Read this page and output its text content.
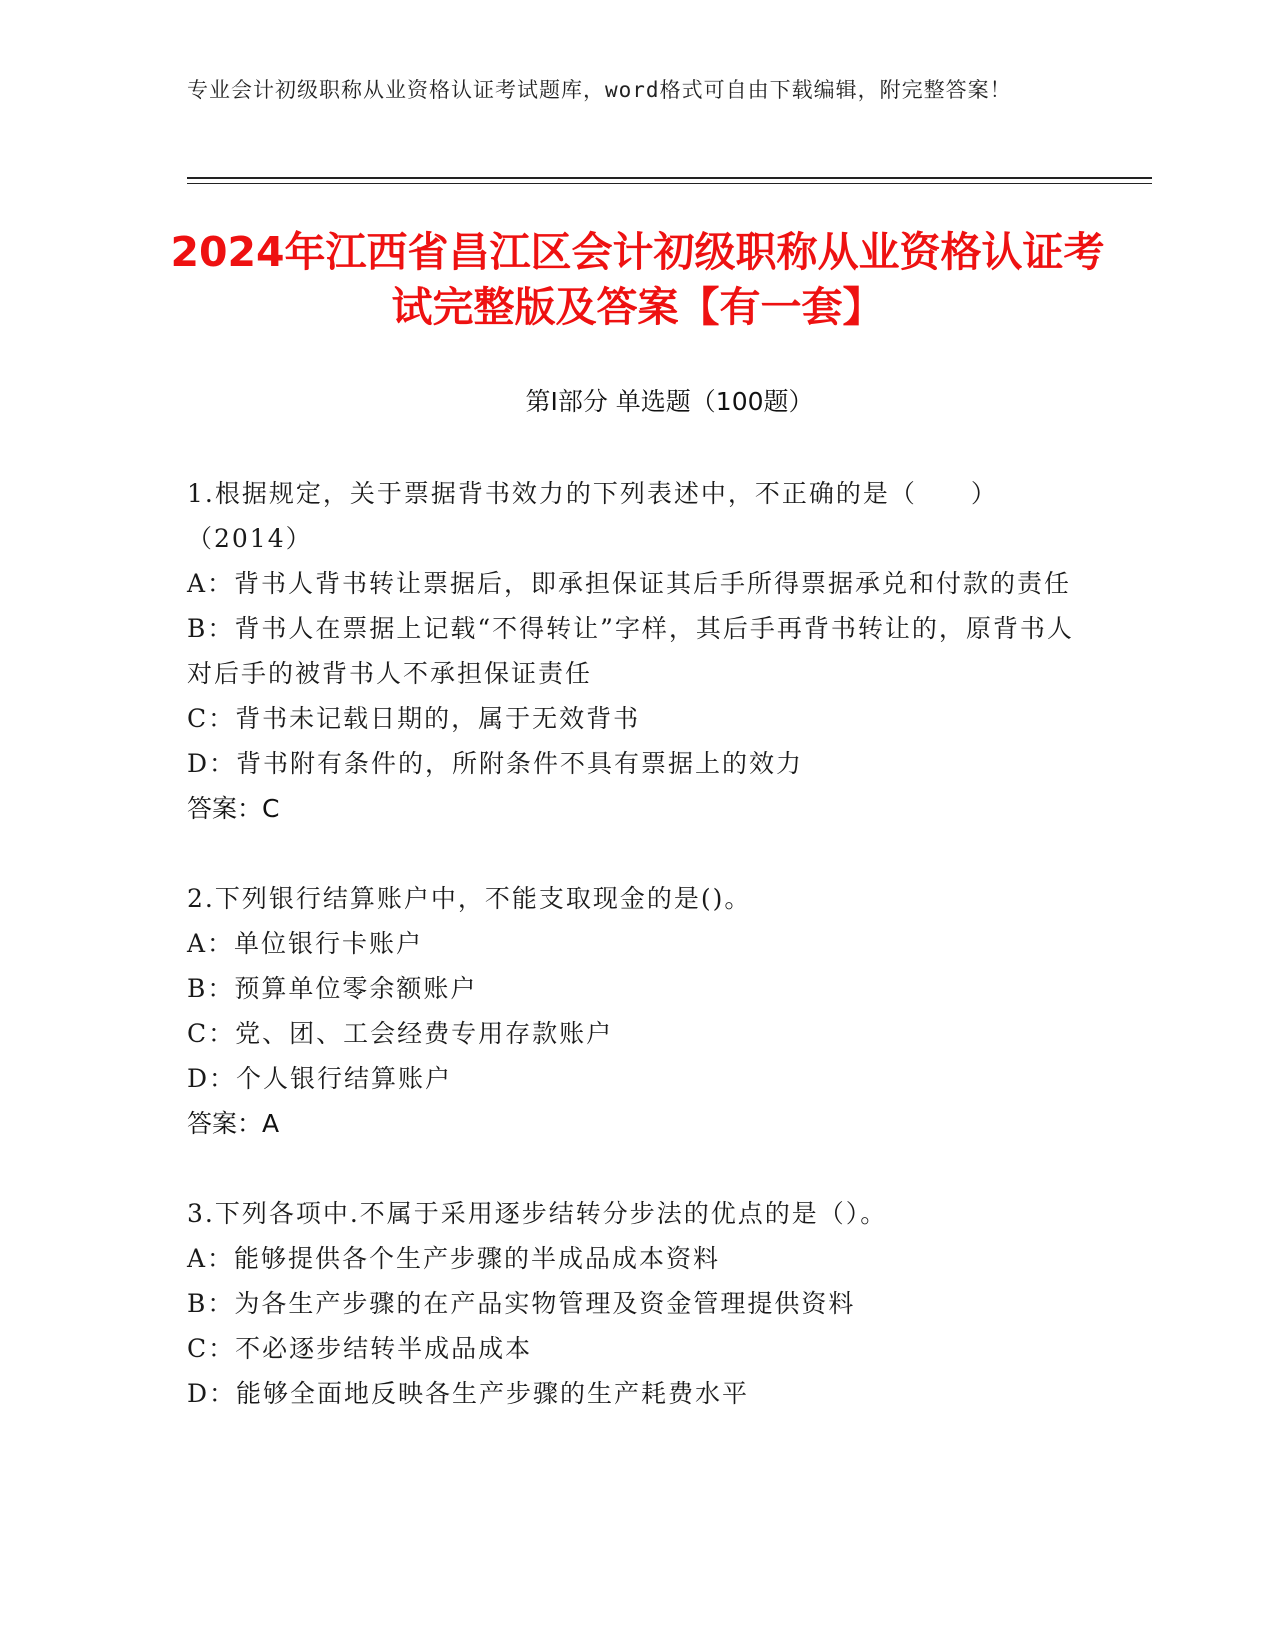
专业会计初级职称从业资格认证考试题库，word格式可自由下载编辑，附完整答案！
2024年江西省昌江区会计初级职称从业资格认证考试完整版及答案【有一套】
第Ⅰ部分 单选题（100题）
1.根据规定，关于票据背书效力的下列表述中，不正确的是（　　）（2014）
A：背书人背书转让票据后，即承担保证其后手所得票据承兑和付款的责任
B：背书人在票据上记载“不得转让”字样，其后手再背书转让的，原背书人对后手的被背书人不承担保证责任
C：背书未记载日期的，属于无效背书
D：背书附有条件的，所附条件不具有票据上的效力
答案：C
2.下列银行结算账户中，不能支取现金的是()。
A：单位银行卡账户
B：预算单位零余额账户
C：党、团、工会经费专用存款账户
D：个人银行结算账户
答案：A
3.下列各项中.不属于采用逐步结转分步法的优点的是（）。
A：能够提供各个生产步骤的半成品成本资料
B：为各生产步骤的在产品实物管理及资金管理提供资料
C：不必逐步结转半成品成本
D：能够全面地反映各生产步骤的生产耗费水平
